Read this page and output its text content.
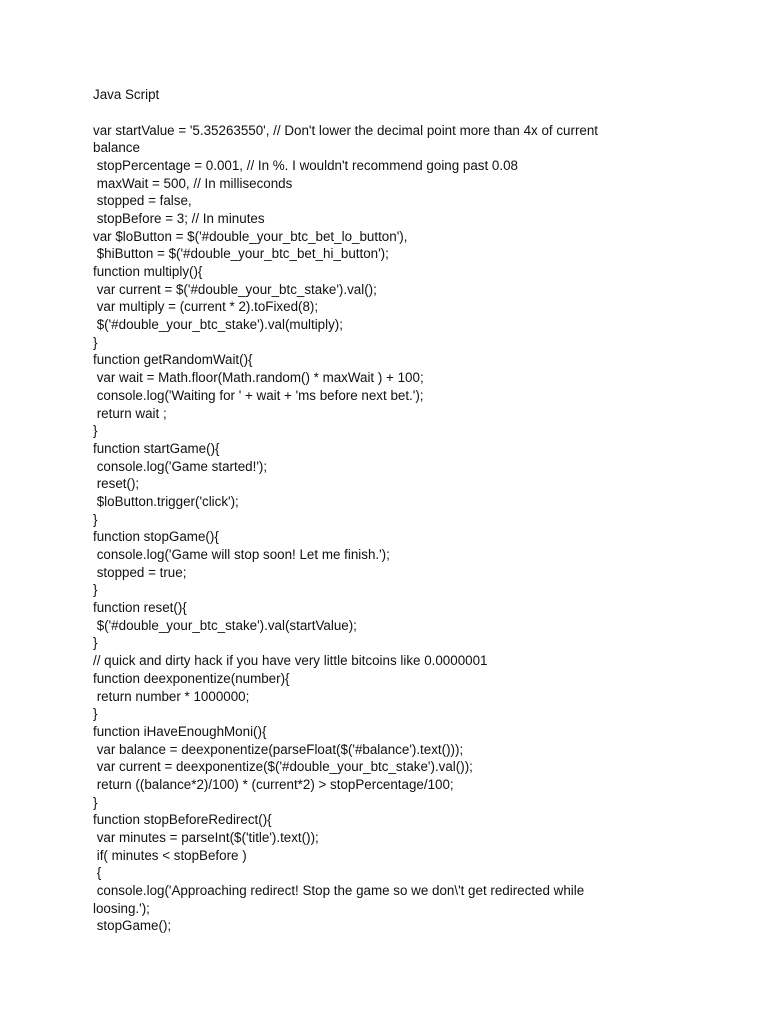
Java Script
var startValue = '5.35263550', // Don't lower the decimal point more than 4x of current
balance
stopPercentage = 0.001, // In %. I wouldn't recommend going past 0.08
maxWait = 500, // In milliseconds
stopped = false,
stopBefore = 3; // In minutes
var $loButton = $('#double_your_btc_bet_lo_button'),
$hiButton = $('#double_your_btc_bet_hi_button');
function multiply(){
var current = $('#double_your_btc_stake').val();
var multiply = (current * 2).toFixed(8);
$('#double_your_btc_stake').val(multiply);
}
function getRandomWait(){
var wait = Math.floor(Math.random() * maxWait ) + 100;
console.log('Waiting for ' + wait + 'ms before next bet.');
return wait ;
}
function startGame(){
console.log('Game started!');
reset();
$loButton.trigger('click');
}
function stopGame(){
console.log('Game will stop soon! Let me finish.');
stopped = true;
}
function reset(){
$('#double_your_btc_stake').val(startValue);
}
// quick and dirty hack if you have very little bitcoins like 0.0000001
function deexponentize(number){
return number * 1000000;
}
function iHaveEnoughMoni(){
var balance = deexponentize(parseFloat($('#balance').text()));
var current = deexponentize($('#double_your_btc_stake').val());
return ((balance*2)/100) * (current*2) > stopPercentage/100;
}
function stopBeforeRedirect(){
var minutes = parseInt($('title').text());
if( minutes < stopBefore )
{
console.log('Approaching redirect! Stop the game so we don\'t get redirected while
loosing.');
stopGame();
